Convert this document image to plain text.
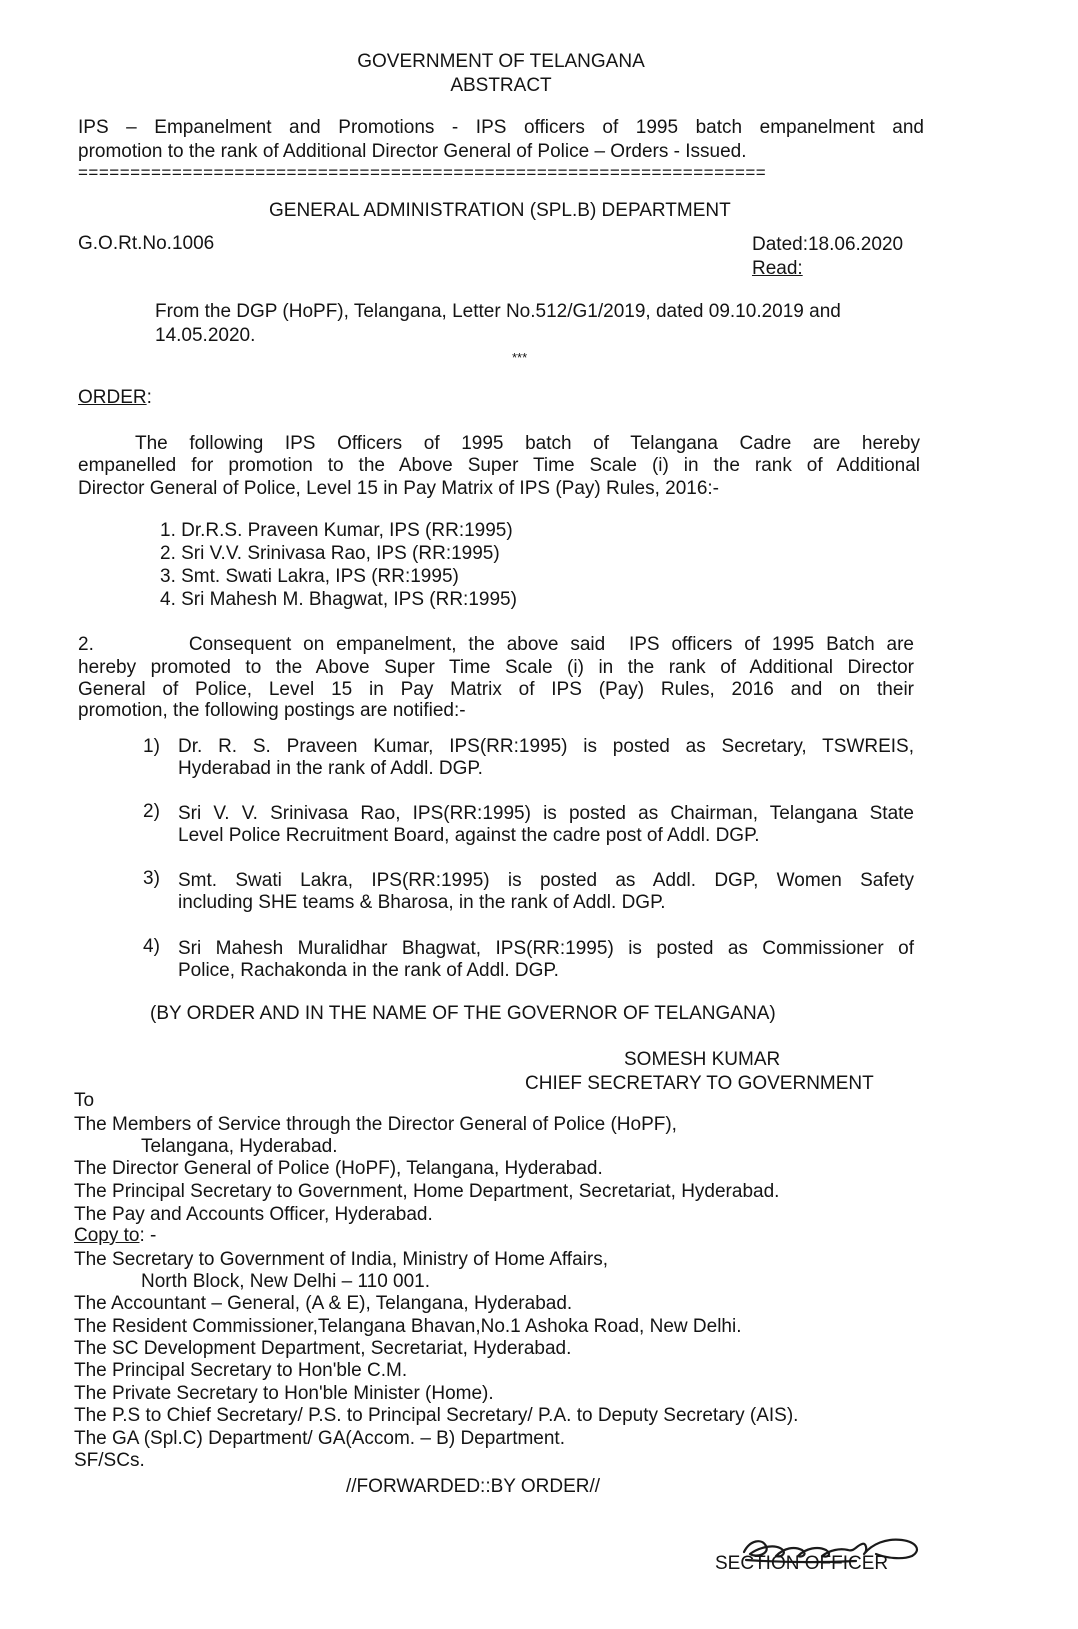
GOVERNMENT OF TELANGANA
ABSTRACT
IPS – Empanelment and Promotions - IPS officers of 1995 batch empanelment and
promotion to the rank of Additional Director General of Police – Orders - Issued.
==================================================================
GENERAL ADMINISTRATION (SPL.B) DEPARTMENT
G.O.Rt.No.1006	Dated:18.06.2020
Read:
From the DGP (HoPF), Telangana, Letter No.512/G1/2019, dated 09.10.2019 and
14.05.2020.
***
ORDER:
The following IPS Officers of 1995 batch of Telangana Cadre are hereby
empanelled for promotion to the Above Super Time Scale (i) in the rank of Additional
Director General of Police, Level 15 in Pay Matrix of IPS (Pay) Rules, 2016:-
1. Dr.R.S. Praveen Kumar, IPS (RR:1995)
2. Sri V.V. Srinivasa Rao, IPS (RR:1995)
3. Smt. Swati Lakra, IPS (RR:1995)
4. Sri Mahesh M. Bhagwat, IPS (RR:1995)
2.        Consequent on empanelment, the above said  IPS officers of 1995 Batch are
hereby promoted to the Above Super Time Scale (i) in the rank of Additional Director
General of Police, Level 15 in Pay Matrix of IPS (Pay) Rules, 2016 and on their
promotion, the following postings are notified:-
1) Dr. R. S. Praveen Kumar, IPS(RR:1995) is posted as Secretary, TSWREIS,
Hyderabad in the rank of Addl. DGP.
2) Sri V. V. Srinivasa Rao, IPS(RR:1995) is posted as Chairman, Telangana State
Level Police Recruitment Board, against the cadre post of Addl. DGP.
3) Smt. Swati Lakra, IPS(RR:1995) is posted as Addl. DGP, Women Safety
including SHE teams & Bharosa, in the rank of Addl. DGP.
4) Sri Mahesh Muralidhar Bhagwat, IPS(RR:1995) is posted as Commissioner of
Police, Rachakonda in the rank of Addl. DGP.
(BY ORDER AND IN THE NAME OF THE GOVERNOR OF TELANGANA)
SOMESH KUMAR
CHIEF SECRETARY TO GOVERNMENT
To
The Members of Service through the Director General of Police (HoPF),
Telangana, Hyderabad.
The Director General of Police (HoPF), Telangana, Hyderabad.
The Principal Secretary to Government, Home Department, Secretariat, Hyderabad.
The Pay and Accounts Officer, Hyderabad.
Copy to: -
The Secretary to Government of India, Ministry of Home Affairs,
North Block, New Delhi – 110 001.
The Accountant – General, (A & E), Telangana, Hyderabad.
The Resident Commissioner,Telangana Bhavan,No.1 Ashoka Road, New Delhi.
The SC Development Department, Secretariat, Hyderabad.
The Principal Secretary to Hon'ble C.M.
The Private Secretary to Hon'ble Minister (Home).
The P.S to Chief Secretary/ P.S. to Principal Secretary/ P.A. to Deputy Secretary (AIS).
The GA (Spl.C) Department/ GA(Accom. – B) Department.
SF/SCs.
//FORWARDED::BY ORDER//
SECTION OFFICER
